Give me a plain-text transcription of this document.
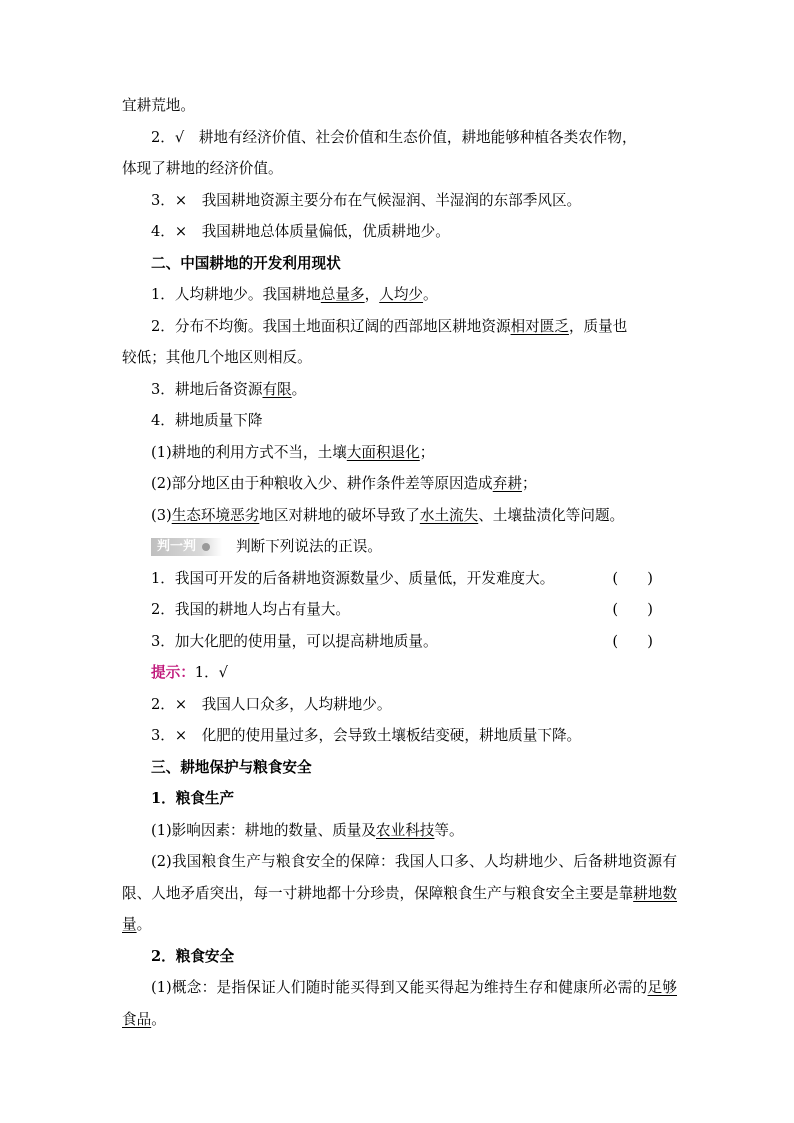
宜耕荒地。
2．√　耕地有经济价值、社会价值和生态价值，耕地能够种植各类农作物，
体现了耕地的经济价值。
3．×　我国耕地资源主要分布在气候湿润、半湿润的东部季风区。
4．×　我国耕地总体质量偏低，优质耕地少。
二、中国耕地的开发利用现状
1．人均耕地少。我国耕地总量多，人均少。
2．分布不均衡。我国土地面积辽阔的西部地区耕地资源相对匮乏，质量也
较低；其他几个地区则相反。
3．耕地后备资源有限。
4．耕地质量下降
(1)耕地的利用方式不当，土壤大面积退化；
(2)部分地区由于种粮收入少、耕作条件差等原因造成弃耕；
(3)生态环境恶劣地区对耕地的破坏导致了水土流失、土壤盐渍化等问题。
判一判	判断下列说法的正误。
1．我国可开发的后备耕地资源数量少、质量低，开发难度大。	(　　)
2．我国的耕地人均占有量大。	(　　)
3．加大化肥的使用量，可以提高耕地质量。	(　　)
提示：1．√
2．×　我国人口众多，人均耕地少。
3．×　化肥的使用量过多，会导致土壤板结变硬，耕地质量下降。
三、耕地保护与粮食安全
1．粮食生产
(1)影响因素：耕地的数量、质量及农业科技等。
(2)我国粮食生产与粮食安全的保障：我国人口多、人均耕地少、后备耕地资源有限、人地矛盾突出，每一寸耕地都十分珍贵，保障粮食生产与粮食安全主要是靠耕地数量。
2．粮食安全
(1)概念：是指保证人们随时能买得到又能买得起为维持生存和健康所必需的足够食品。
